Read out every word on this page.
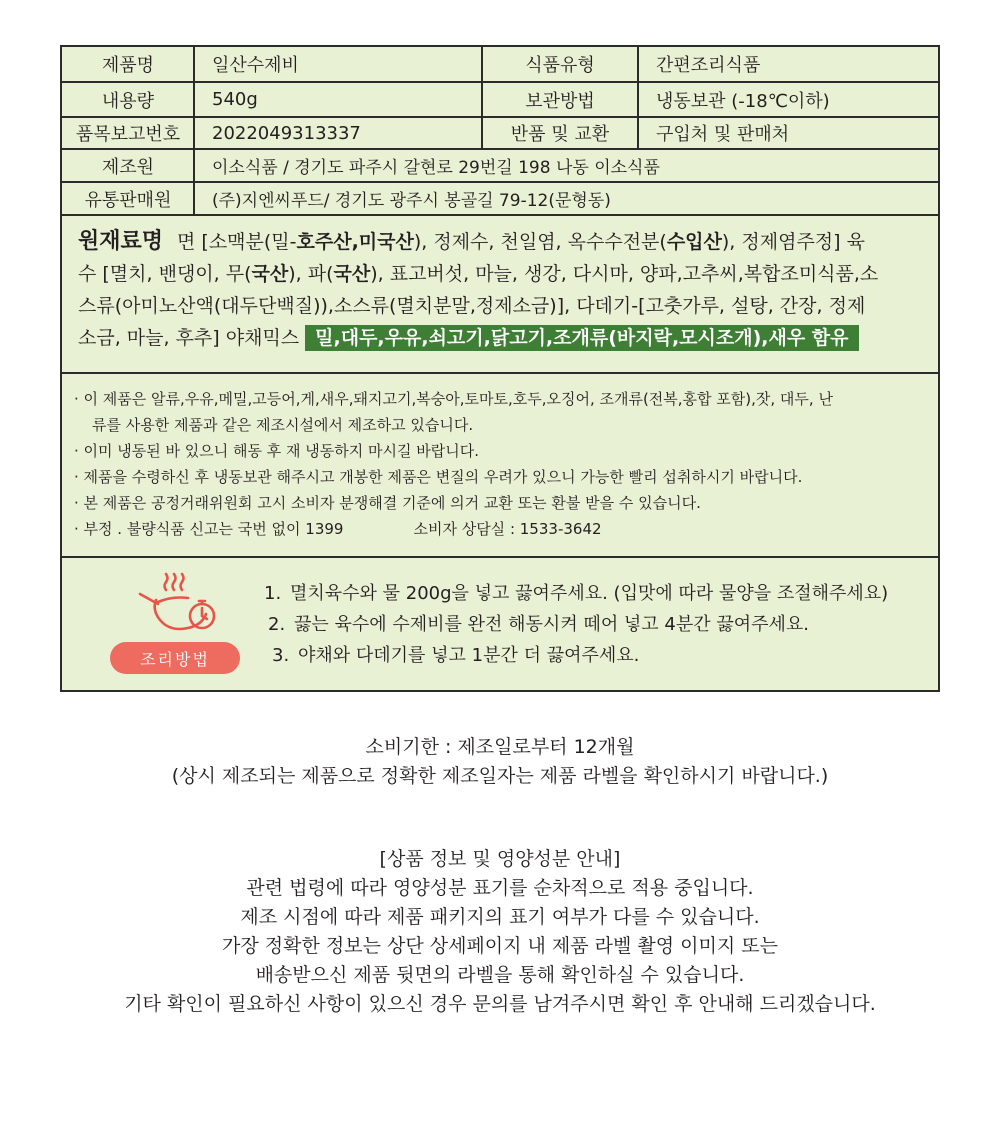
제품명	일산수제비	식품유형	간편조리식품
내용량	540g	보관방법	냉동보관 (-18℃이하)
품목보고번호	2022049313337	반품 및 교환	구입처 및 판매처
제조원	이소식품 / 경기도 파주시 갈현로 29번길 198 나동 이소식품
유통판매원	(주)지엔씨푸드/ 경기도 광주시 봉골길 79-12(문형동)
원재료명 면 [소맥분(밀-호주산,미국산), 정제수, 천일염, 옥수수전분(수입산), 정제염주정] 육
수 [멸치, 밴댕이, 무(국산), 파(국산), 표고버섯, 마늘, 생강, 다시마, 양파,고추씨,복합조미식품,소
스류(아미노산액(대두단백질)),소스류(멸치분말,정제소금)], 다데기-[고춧가루, 설탕, 간장, 정제
소금, 마늘, 후추] 야채믹스 밀,대두,우유,쇠고기,닭고기,조개류(바지락,모시조개),새우 함유
· 이 제품은 알류,우유,메밀,고등어,게,새우,돼지고기,복숭아,토마토,호두,오징어, 조개류(전복,홍합 포함),잣, 대두, 난
류를 사용한 제품과 같은 제조시설에서 제조하고 있습니다.
· 이미 냉동된 바 있으니 해동 후 재 냉동하지 마시길 바랍니다.
· 제품을 수령하신 후 냉동보관 해주시고 개봉한 제품은 변질의 우려가 있으니 가능한 빨리 섭취하시기 바랍니다.
· 본 제품은 공정거래위원회 고시 소비자 분쟁해결 기준에 의거 교환 또는 환불 받을 수 있습니다.
· 부정 . 불량식품 신고는 국번 없이 1399	소비자 상담실 : 1533-3642
조리방법
1. 멸치육수와 물 200g을 넣고 끓여주세요. (입맛에 따라 물양을 조절해주세요)
2. 끓는 육수에 수제비를 완전 해동시켜 떼어 넣고 4분간 끓여주세요.
3. 야채와 다데기를 넣고 1분간 더 끓여주세요.
소비기한 : 제조일로부터 12개월
(상시 제조되는 제품으로 정확한 제조일자는 제품 라벨을 확인하시기 바랍니다.)
[상품 정보 및 영양성분 안내]
관련 법령에 따라 영양성분 표기를 순차적으로 적용 중입니다.
제조 시점에 따라 제품 패키지의 표기 여부가 다를 수 있습니다.
가장 정확한 정보는 상단 상세페이지 내 제품 라벨 촬영 이미지 또는
배송받으신 제품 뒷면의 라벨을 통해 확인하실 수 있습니다.
기타 확인이 필요하신 사항이 있으신 경우 문의를 남겨주시면 확인 후 안내해 드리겠습니다.
